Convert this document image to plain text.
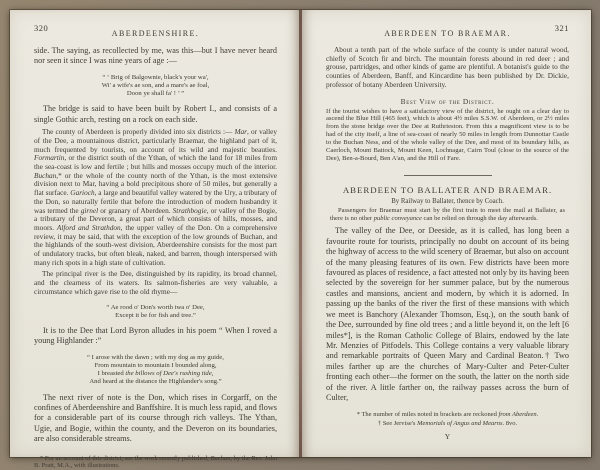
320
ABERDEENSHIRE.

side. The saying, as recollected by me, was this—but I have never heard nor seen it since I was nine years of age :—

“ ‘ Brig of Balgownie, black's your wa',
Wi' a wife's ae son, and a mare's ae foal,
Doon ye shall fa' ! ’ ”

The bridge is said to have been built by Robert I., and consists of a single Gothic arch, resting on a rock on each side.

The county of Aberdeen is properly divided into six districts :— Mar, or valley of the Dee, a mountainous district, particularly Braemar, the highland part of it, much frequented by tourists, on account of its wild and majestic beauties. Formartin, or the district south of the Ythan, of which the land for 18 miles from the sea-coast is low and fertile ; but hills and mosses occupy much of the interior. Buchan,* or the whole of the county north of the Ythan, is the most extensive division next to Mar, having a bold precipitous shore of 50 miles, but generally a flat surface. Garioch, a large and beautiful valley watered by the Ury, a tributary of the Don, so naturally fertile that before the introduction of modern husbandry it was termed the girnel or granary of Aberdeen. Strathbogie, or valley of the Bogie, a tributary of the Deveron, a great part of which consists of hills, mosses, and moors. Alford and Strathdon, the upper valley of the Don. On a comprehensive review, it may be said, that with the exception of the low grounds of Buchan, and the highlands of the south-west division, Aberdeenshire consists for the most part of undulatory tracks, but often bleak, naked, and barren, though interspersed with many rich spots in a high state of cultivation.

The principal river is the Dee, distinguished by its rapidity, its broad channel, and the clearness of its waters. Its salmon-fisheries are very valuable, a circumstance which gave rise to the old rhyme—

“ Ae rood o' Don's worth twa o' Dee,
Except it be for fish and tree.”

It is to the Dee that Lord Byron alludes in his poem “ When I roved a young Highlander :”

“ I arose with the dawn ; with my dog as my guide,
From mountain to mountain I bounded along,
I breasted the billows of Dee's rushing tide,
And heard at the distance the Highlander's song.”

The next river of note is the Don, which rises in Corgarff, on the confines of Aberdeenshire and Banffshire. It is much less rapid, and flows for a considerable part of its course through rich valleys. The Ythan, Ugie, and Bogie, within the county, and the Deveron on its boundaries, are also considerable streams.

* For an account of this district, see the work recently published, Buchan, by the Rev. John B. Pratt, M.A., with illustrations.

ABERDEEN TO BRAEMAR.
321

About a tenth part of the whole surface of the county is under natural wood, chiefly of Scotch fir and birch. The mountain forests abound in red deer ; and grouse, partridges, and other kinds of game are plentiful. A botanist's guide to the counties of Aberdeen, Banff, and Kincardine has been published by Dr. Dickie, professor of botany Aberdeen University.

Best View of the District.

If the tourist wishes to have a satisfactory view of the district, he ought on a clear day to ascend the Blue Hill (465 feet), which is about 4½ miles S.S.W. of Aberdeen, or 2½ miles from the stone bridge over the Dee at Ruthrieston. From this a magnificent view is to be had of the city itself, a line of sea-coast of nearly 50 miles in length from Dunnottar Castle to the Buchan Ness, and of the whole valley of the Dee, and most of its boundary hills, as Caerloch, Mount Battock, Mount Keen, Lochnagar, Cairn Toul (close to the source of the Dee), Ben-a-Bourd, Ben A'an, and the Hill of Fare.

ABERDEEN TO BALLATER AND BRAEMAR.
By Railway to Ballater, thence by Coach.

Passengers for Braemar must start by the first train to meet the mail at Ballater, as there is no other public conveyance can be relied on through the day afterwards.

The valley of the Dee, or Deeside, as it is called, has long been a favourite route for tourists, principally no doubt on account of its being the highway of access to the wild scenery of Braemar, but also on account of the many pleasing features of its own. Few districts have been more favoured as places of residence, a fact attested not only by its having been selected by the sovereign for her summer palace, but by the numerous castles and mansions, ancient and modern, by which it is adorned. In passing up the banks of the river the first of these mansions with which we meet is Banchory (Alexander Thomson, Esq.), on the south bank of the Dee, surrounded by fine old trees ; and a little beyond it, on the left [6 miles*], is the Roman Catholic College of Blairs, endowed by the late Mr. Menzies of Pitfodels. This College contains a very valuable library and remarkable portraits of Queen Mary and Cardinal Beaton.† Two miles farther up are the churches of Mary-Culter and Peter-Culter fronting each other—the former on the south, the latter on the north side of the river. A little farther on, the railway passes across the burn of Culter,

* The number of miles noted in brackets are reckoned from Aberdeen.

† See Jervise's Memorials of Angus and Mearns. 8vo.

Y
